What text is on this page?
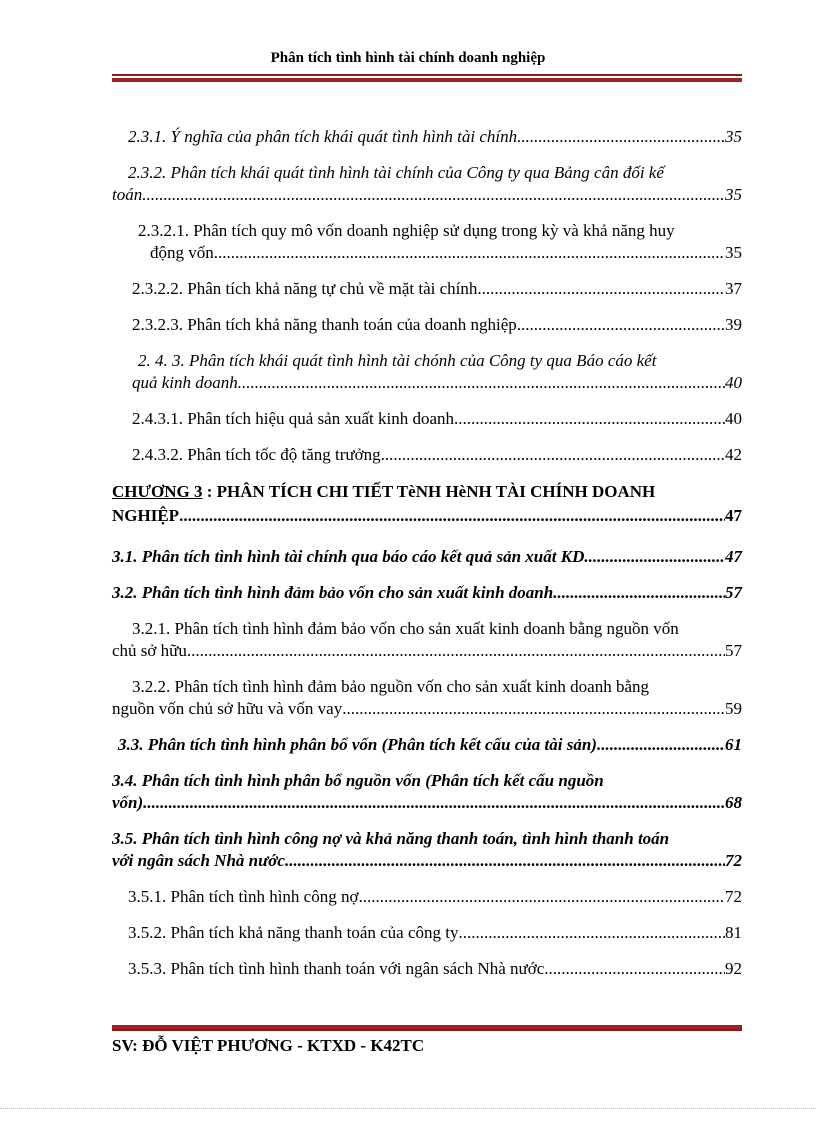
Phân tích tình hình tài chính doanh nghiệp
2.3.1. Ý nghĩa của phân tích khái quát tình hình tài chính .....	35
2.3.2. Phân tích khái quát tình hình tài chính của Công ty qua Bảng cân đối kế
toán .....	35
2.3.2.1. Phân tích quy mô vốn doanh nghiệp sử dụng trong kỳ và khả năng huy
động vốn .....	35
2.3.2.2. Phân tích khả năng tự chủ về mặt tài chính .....	37
2.3.2.3. Phân tích khả năng thanh toán của doanh nghiệp .....	39
2. 4. 3. Phân tích khái quát tình hình tài chónh của Công ty qua Báo cáo kết
quả kinh doanh .....	40
2.4.3.1. Phân tích hiệu quả sản xuất kinh doanh .....	40
2.4.3.2. Phân tích tốc độ tăng trưởng .....	42
CHƯƠNG 3 : PHÂN TÍCH CHI TIẾT TèNH HèNH TÀI CHÍNH DOANH
NGHIỆP .....	47
3.1. Phân tích tình hình tài chính qua báo cáo kết quả sản xuất KD .....	47
3.2. Phân tích tình hình đảm bảo vốn cho sản xuất kinh doanh .....	57
3.2.1. Phân tích tình hình đảm bảo vốn cho sản xuất kinh doanh bằng nguồn vốn
chủ sở hữu .....	57
3.2.2. Phân tích tình hình đảm bảo nguồn vốn cho sản xuất kinh doanh bằng
nguồn vốn chủ sở hữu và vốn vay .....	59
3.3. Phân tích tình hình phân bổ vốn (Phân tích kết cấu của tài sản) .....	61
3.4. Phân tích tình hình phân bổ nguồn vốn (Phân tích kết cấu nguồn
vốn) .....	68
3.5. Phân tích tình hình công nợ và khả năng thanh toán, tình hình thanh toán
với ngân sách Nhà nước .....	72
3.5.1. Phân tích tình hình công nợ .....	72
3.5.2. Phân tích khả năng thanh toán của công ty .....	81
3.5.3. Phân tích tình hình thanh toán với ngân sách Nhà nước .....	92
SV: ĐỖ VIỆT PHƯƠNG - KTXD - K42TC
